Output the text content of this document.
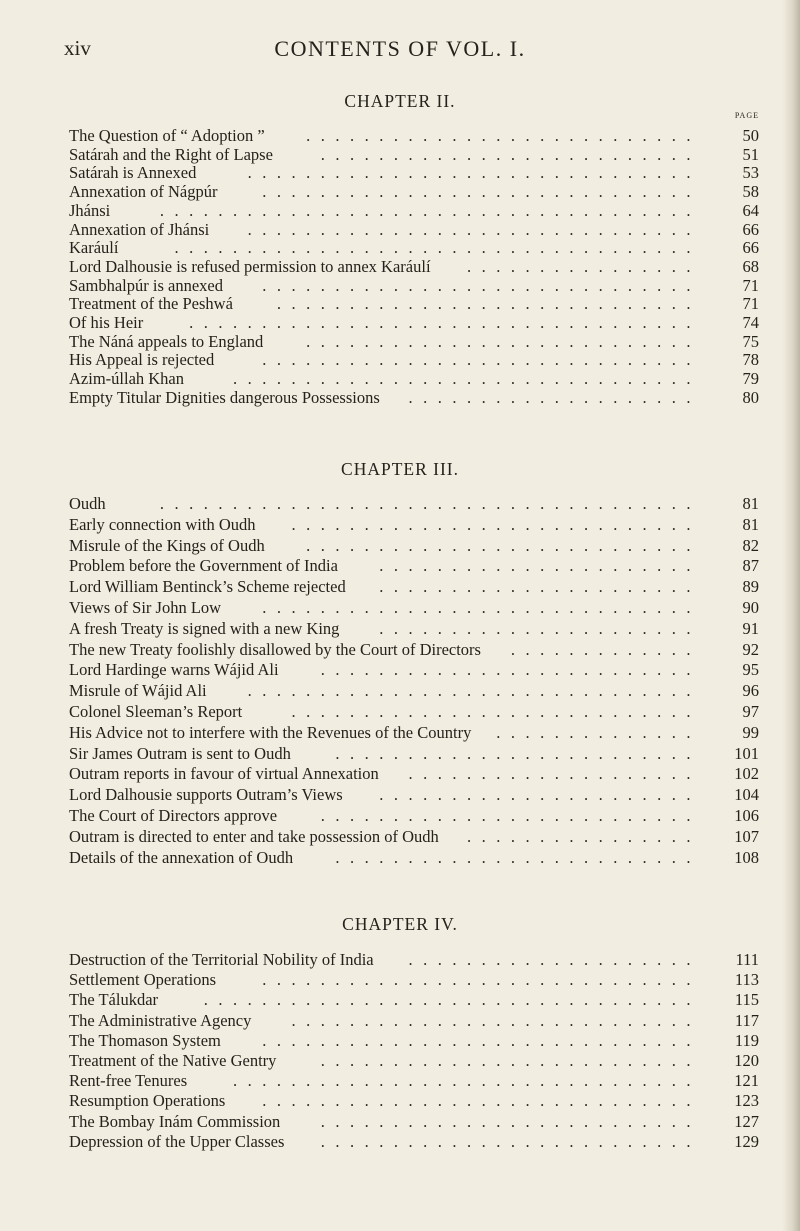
CONTENTS OF VOL. I.
xiv
CHAPTER II.
PAGE
The Question of “ Adoption ”	...........................	50
Satárah and the Right of Lapse	..........................	51
Satárah is Annexed	...............................	53
Annexation of Nágpúr	..............................	58
Jhánsi	.....................................	64
Annexation of Jhánsi ...............................	66
Karáulí	....................................	66
Lord Dalhousie is refused permission to annex Karáulí ................	68
Sambhalpúr is annexed ..............................	71
Treatment of the Peshwá	.............................	71
Of his Heir	...................................	74
The Náná appeals to England	...........................	75
His Appeal is rejected	..............................	78
Azim-úllah Khan	................................	79
Empty Titular Dignities dangerous Possessions ....................	80
CHAPTER III.
Oudh	.....................................	81
Early connection with Oudh ............................	81
Misrule of the Kings of Oudh	...........................	82
Problem before the Government of India	......................	87
Lord William Bentinck’s Scheme rejected ......................	89
Views of Sir John Low ..............................	90
A fresh Treaty is signed with a new King ......................	91
The new Treaty foolishly disallowed by the Court of Directors .............	92
Lord Hardinge warns Wájid Ali	..........................	95
Misrule of Wájid Ali ...............................	96
Colonel Sleeman’s Report	............................	97
His Advice not to interfere with the Revenues of the Country ..............	99
Sir James Outram is sent to Oudh	.........................	101
Outram reports in favour of virtual Annexation ....................	102
Lord Dalhousie supports Outram’s Views ......................	104
The Court of Directors approve	..........................	106
Outram is directed to enter and take possession of Oudh ................	107
Details of the annexation of Oudh	.........................	108
CHAPTER IV.
Destruction of the Territorial Nobility of India ....................	111
Settlement Operations	..............................	113
The Tálukdar	..................................	115
The Administrative Agency ............................	117
The Thomason System	..............................	119
Treatment of the Native Gentry	..........................	120
Rent-free Tenures	................................	121
Resumption Operations ..............................	123
The Bombay Inám Commission ..........................	127
Depression of the Upper Classes ..........................	129
